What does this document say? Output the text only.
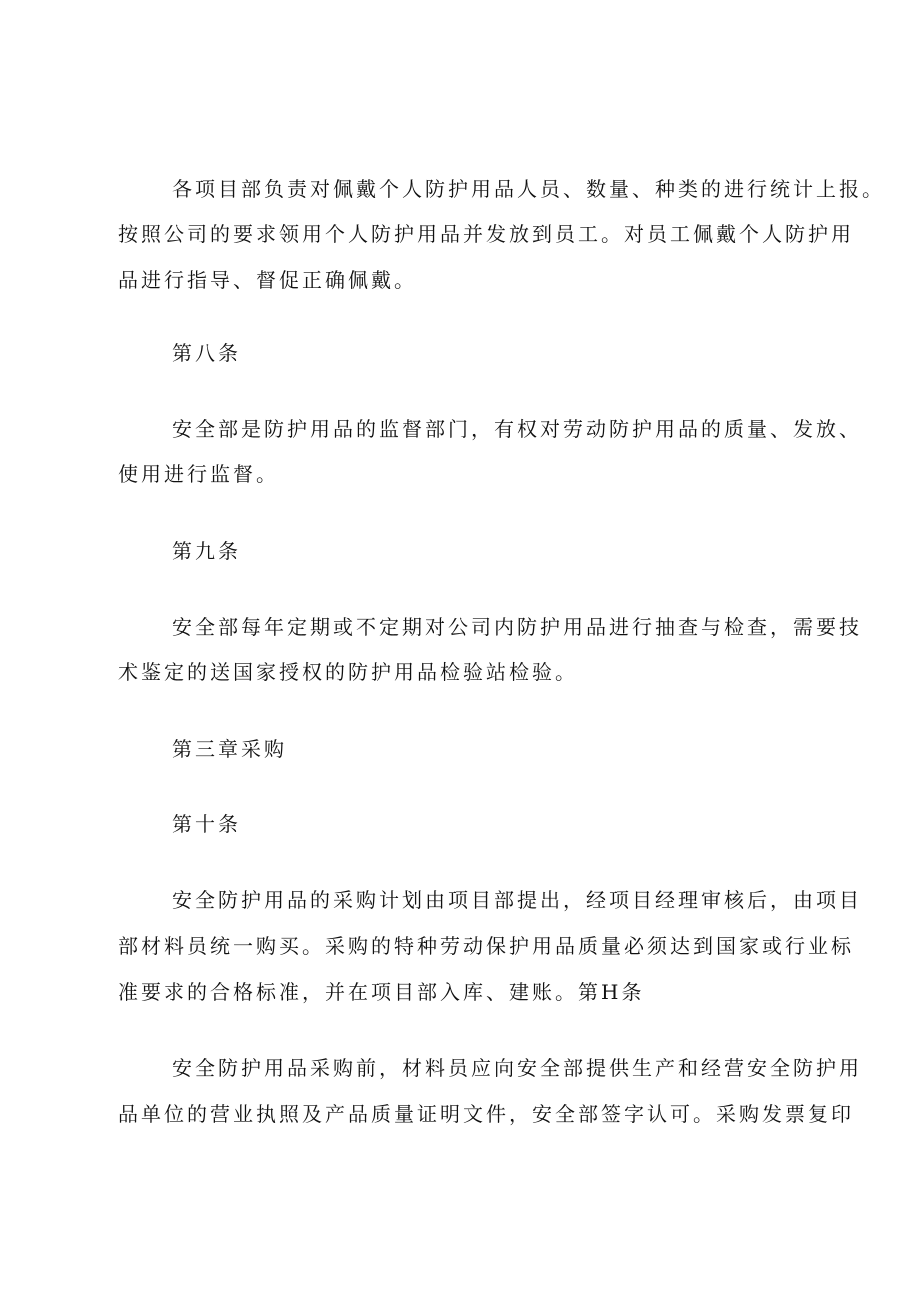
各项目部负责对佩戴个人防护用品人员、数量、种类的进行统计上报。
按照公司的要求领用个人防护用品并发放到员工。对员工佩戴个人防护用
品进行指导、督促正确佩戴。
第八条
安全部是防护用品的监督部门，有权对劳动防护用品的质量、发放、
使用进行监督。
第九条
安全部每年定期或不定期对公司内防护用品进行抽查与检查，需要技
术鉴定的送国家授权的防护用品检验站检验。
第三章采购
第十条
安全防护用品的采购计划由项目部提出，经项目经理审核后，由项目
部材料员统一购买。采购的特种劳动保护用品质量必须达到国家或行业标
准要求的合格标准，并在项目部入库、建账。第H条
安全防护用品采购前，材料员应向安全部提供生产和经营安全防护用
品单位的营业执照及产品质量证明文件，安全部签字认可。采购发票复印
